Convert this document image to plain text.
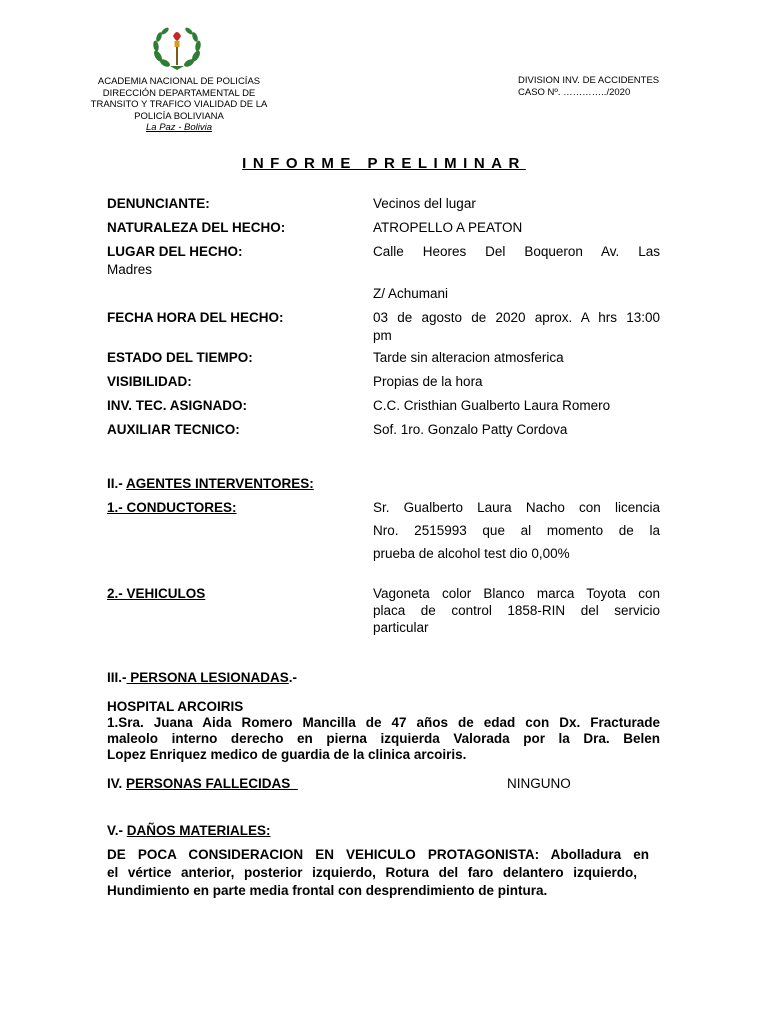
ACADEMIA NACIONAL DE POLICÍAS
DIRECCIÓN DEPARTAMENTAL DE
TRANSITO Y TRAFICO VIALIDAD DE LA
POLICÍA BOLIVIANA
La Paz - Bolivia
DIVISION INV. DE ACCIDENTES
CASO Nº. …………../2020
INFORME PRELIMINAR
DENUNCIANTE:	Vecinos del lugar
NATURALEZA DEL HECHO:	ATROPELLO A PEATON
LUGAR DEL HECHO:	Calle Heores Del Boqueron Av. Las
Madres
Z/ Achumani
FECHA HORA DEL HECHO:	03 de agosto de 2020 aprox. A hrs 13:00
pm
ESTADO DEL TIEMPO:	Tarde sin alteracion atmosferica
VISIBILIDAD:	Propias de la hora
INV. TEC. ASIGNADO:	C.C. Cristhian Gualberto Laura Romero
AUXILIAR TECNICO:	Sof. 1ro. Gonzalo Patty Cordova
II.- AGENTES INTERVENTORES:
1.- CONDUCTORES:	Sr. Gualberto Laura Nacho con licencia
Nro. 2515993 que al momento de la
prueba de alcohol test dio 0,00%
2.- VEHICULOS	Vagoneta color Blanco marca Toyota con
placa de control 1858-RIN del servicio
particular
III.- PERSONA LESIONADAS.-
HOSPITAL ARCOIRIS
1.Sra. Juana Aida Romero Mancilla de 47 años de edad con Dx. Fracturade
maleolo interno derecho en pierna izquierda Valorada por la Dra. Belen
Lopez Enriquez medico de guardia de la clinica arcoiris.
IV. PERSONAS FALLECIDAS	NINGUNO
V.- DAÑOS MATERIALES:
DE POCA CONSIDERACION EN VEHICULO PROTAGONISTA: Abolladura en
el vértice anterior, posterior izquierdo, Rotura del faro delantero izquierdo,
Hundimiento en parte media frontal con desprendimiento de pintura.
